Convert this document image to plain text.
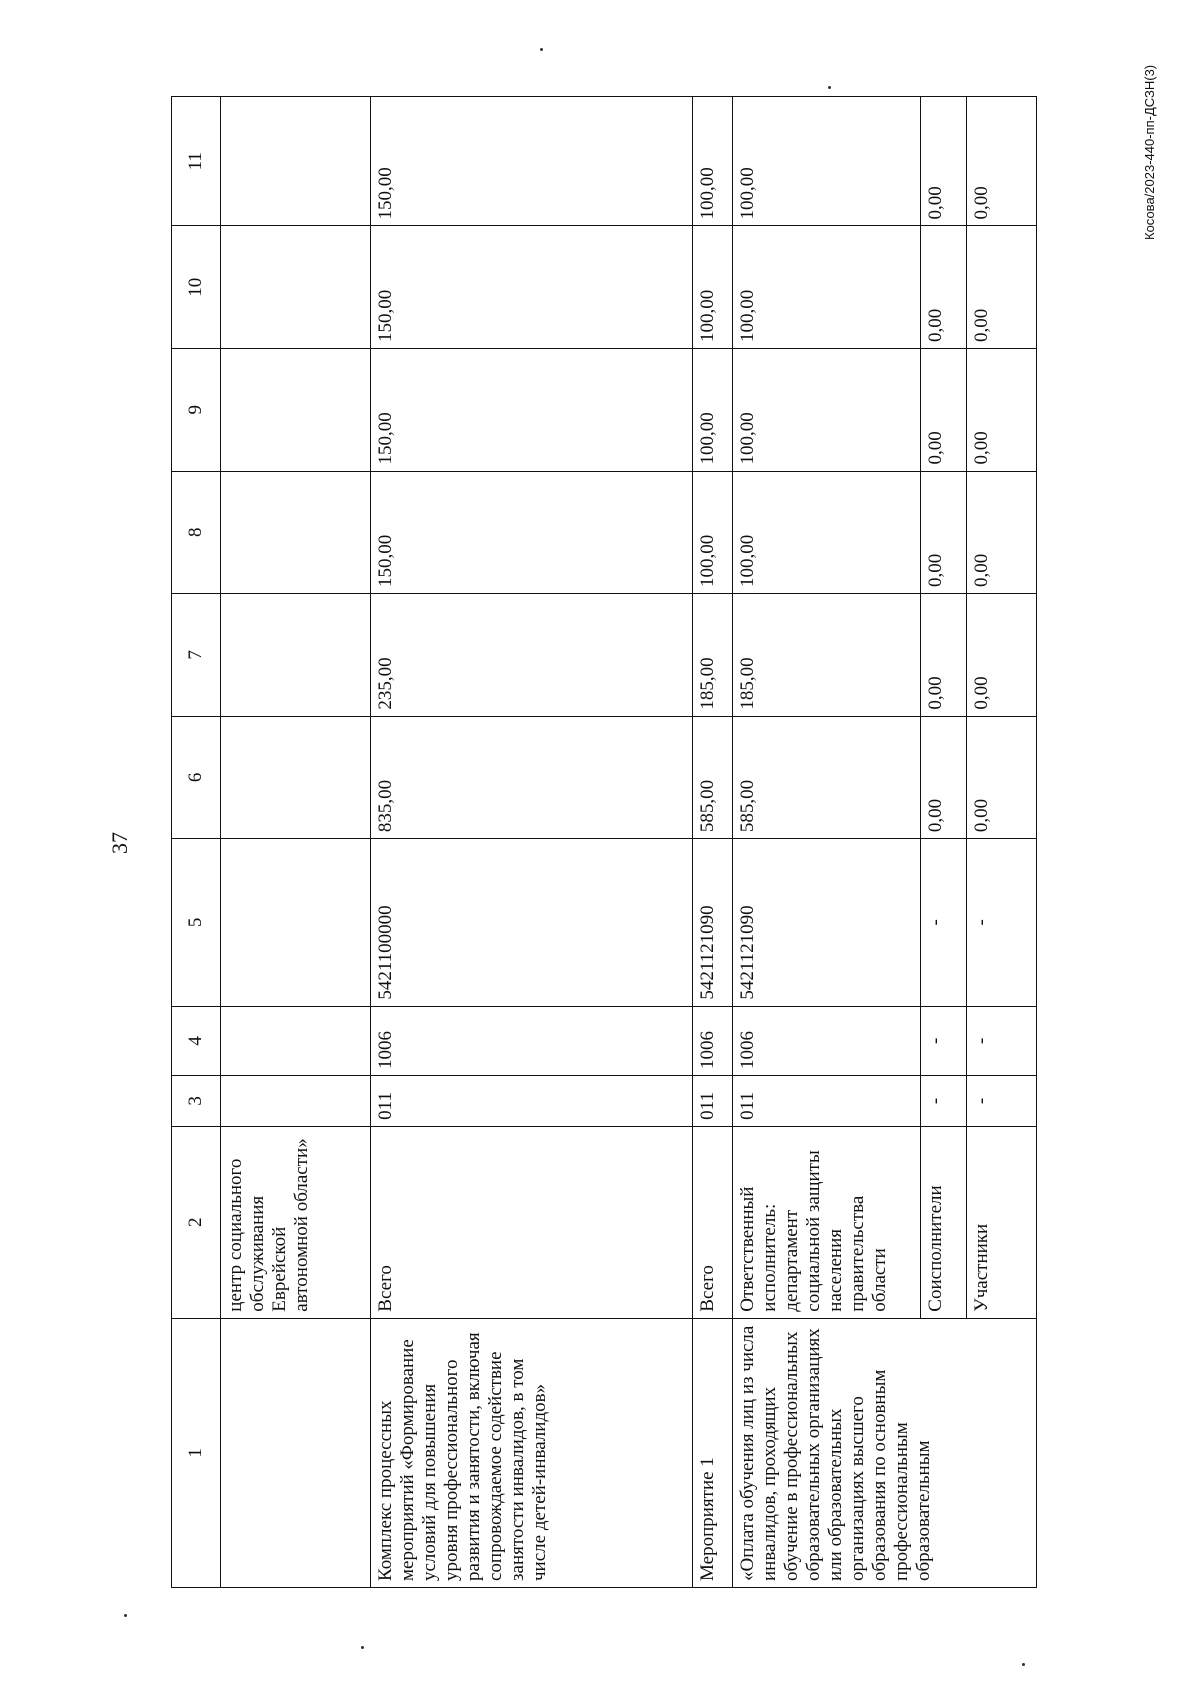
37
Косова/2023-440-пп-ДСЗН(3)
1	2	3	4	5	6	7	8	9	10	11
	центр социального обслуживания Еврейской автономной области»									
Комплекс процессных мероприятий «Формирование условий для повышения уровня профессионального развития и занятости, включая сопровождаемое содействие занятости инвалидов, в том числе детей-инвалидов»	Всего	011	1006	5421100000	835,00	235,00	150,00	150,00	150,00	150,00
Мероприятие 1	Всего	011	1006	5421121090	585,00	185,00	100,00	100,00	100,00	100,00
«Оплата обучения лиц из числа инвалидов, проходящих обучение в профессиональных образовательных организациях или образовательных организациях высшего образования по основным профессиональным образовательным	Ответственный исполнитель: департамент социальной защиты населения правительства области	011	1006	5421121090	585,00	185,00	100,00	100,00	100,00	100,00
	Соисполнители	-	-	-	0,00	0,00	0,00	0,00	0,00	0,00
	Участники	-	-	-	0,00	0,00	0,00	0,00	0,00	0,00
